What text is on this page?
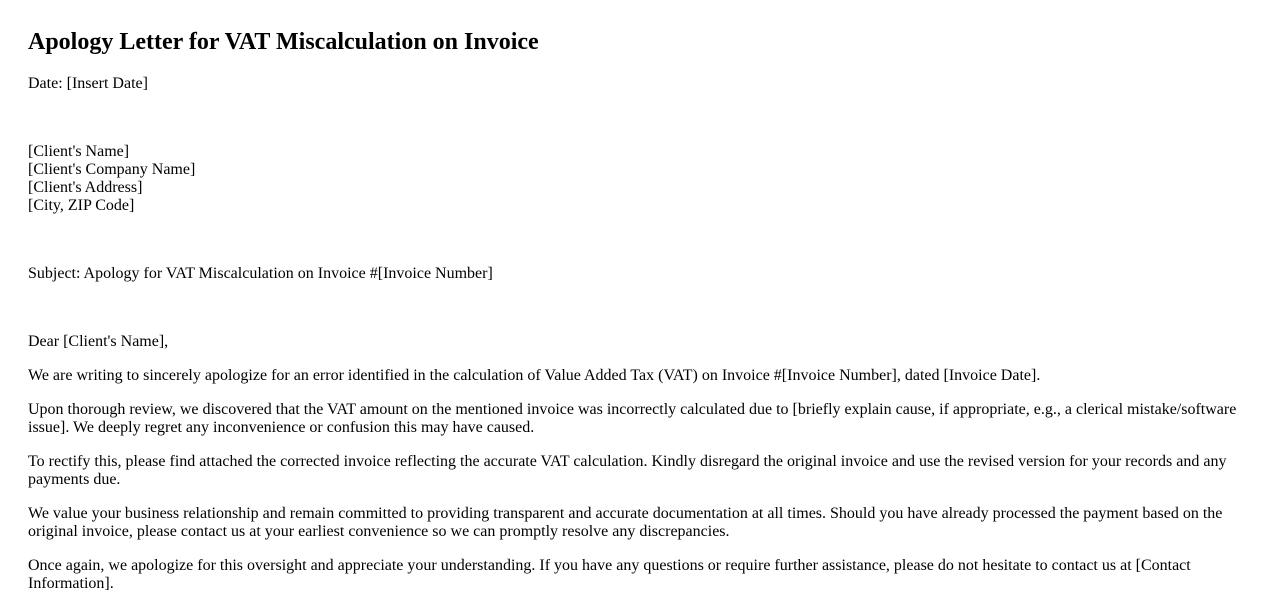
Apology Letter for VAT Miscalculation on Invoice
Date: [Insert Date]
[Client's Name]
[Client's Company Name]
[Client's Address]
[City, ZIP Code]
Subject: Apology for VAT Miscalculation on Invoice #[Invoice Number]
Dear [Client's Name],

We are writing to sincerely apologize for an error identified in the calculation of Value Added Tax (VAT) on Invoice #[Invoice Number], dated [Invoice Date].

Upon thorough review, we discovered that the VAT amount on the mentioned invoice was incorrectly calculated due to [briefly explain cause, if appropriate, e.g., a clerical mistake/software issue]. We deeply regret any inconvenience or confusion this may have caused.

To rectify this, please find attached the corrected invoice reflecting the accurate VAT calculation. Kindly disregard the original invoice and use the revised version for your records and any payments due.

We value your business relationship and remain committed to providing transparent and accurate documentation at all times. Should you have already processed the payment based on the original invoice, please contact us at your earliest convenience so we can promptly resolve any discrepancies.

Once again, we apologize for this oversight and appreciate your understanding. If you have any questions or require further assistance, please do not hesitate to contact us at [Contact Information].
